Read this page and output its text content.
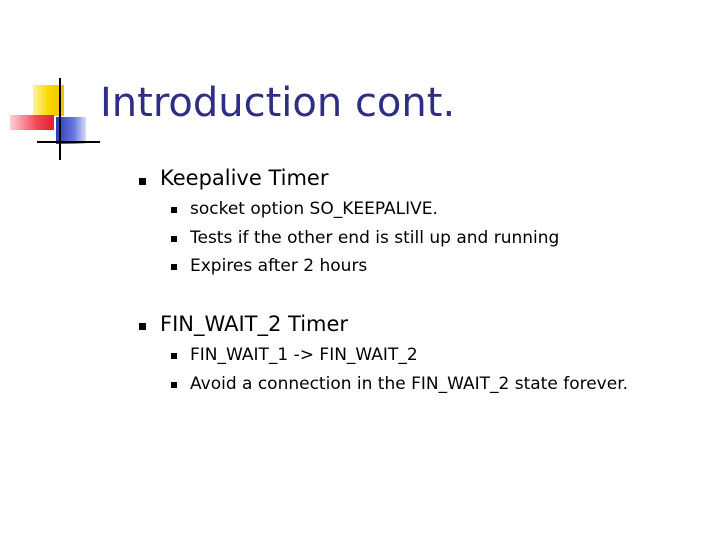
Introduction cont.
Keepalive Timer
socket option SO_KEEPALIVE.
Tests if the other end is still up and running
Expires after 2 hours
FIN_WAIT_2 Timer
FIN_WAIT_1 -> FIN_WAIT_2
Avoid a connection in the FIN_WAIT_2 state forever.
